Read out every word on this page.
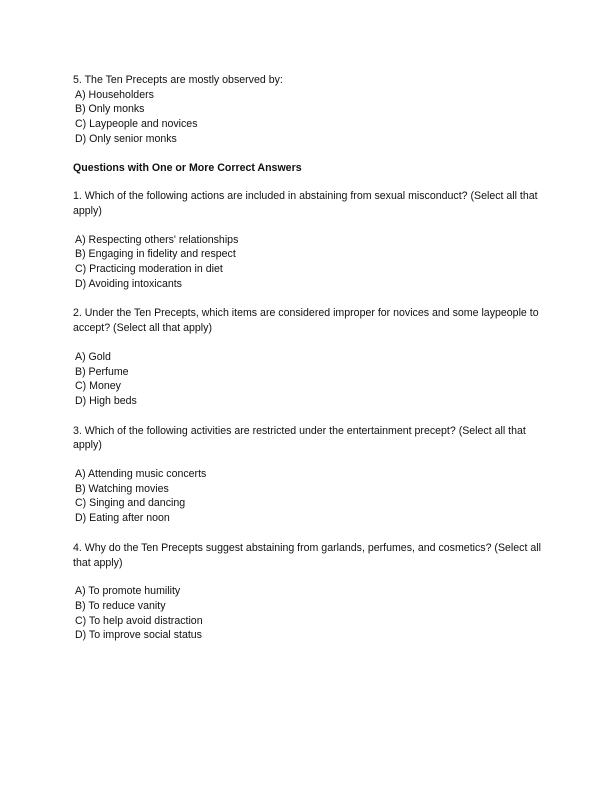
5. The Ten Precepts are mostly observed by:
A) Householders
B) Only monks
C) Laypeople and novices
D) Only senior monks
Questions with One or More Correct Answers
1. Which of the following actions are included in abstaining from sexual misconduct? (Select all that apply)
A) Respecting others' relationships
B) Engaging in fidelity and respect
C) Practicing moderation in diet
D) Avoiding intoxicants
2. Under the Ten Precepts, which items are considered improper for novices and some laypeople to accept? (Select all that apply)
A) Gold
B) Perfume
C) Money
D) High beds
3. Which of the following activities are restricted under the entertainment precept? (Select all that apply)
A) Attending music concerts
B) Watching movies
C) Singing and dancing
D) Eating after noon
4. Why do the Ten Precepts suggest abstaining from garlands, perfumes, and cosmetics? (Select all that apply)
A) To promote humility
B) To reduce vanity
C) To help avoid distraction
D) To improve social status
